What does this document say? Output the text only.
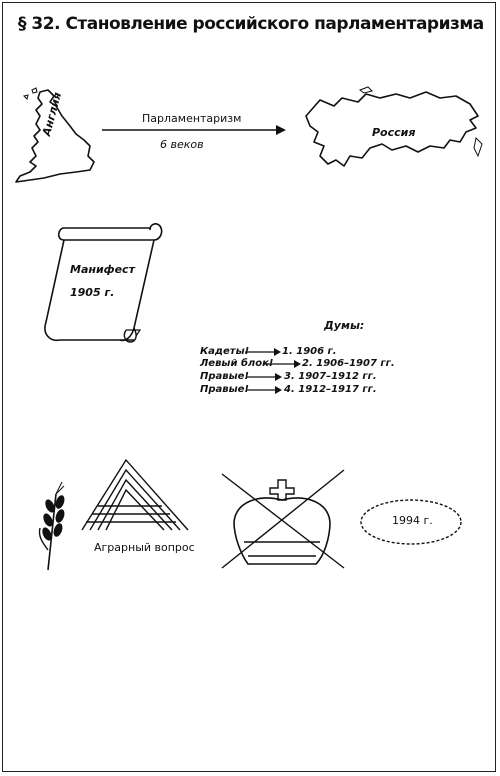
§ 32. Становление российского парламентаризма
Англия	Парламентаризм
6 веков
Россия
Манифест
1905 г.
Думы:
Кадеты!	1. 1906 г.
Левый блок!	2. 1906–1907 гг.
Правые!	3. 1907–1912 гг.
Правые!	4. 1912–1917 гг.
Аграрный вопрос
1994 г.
